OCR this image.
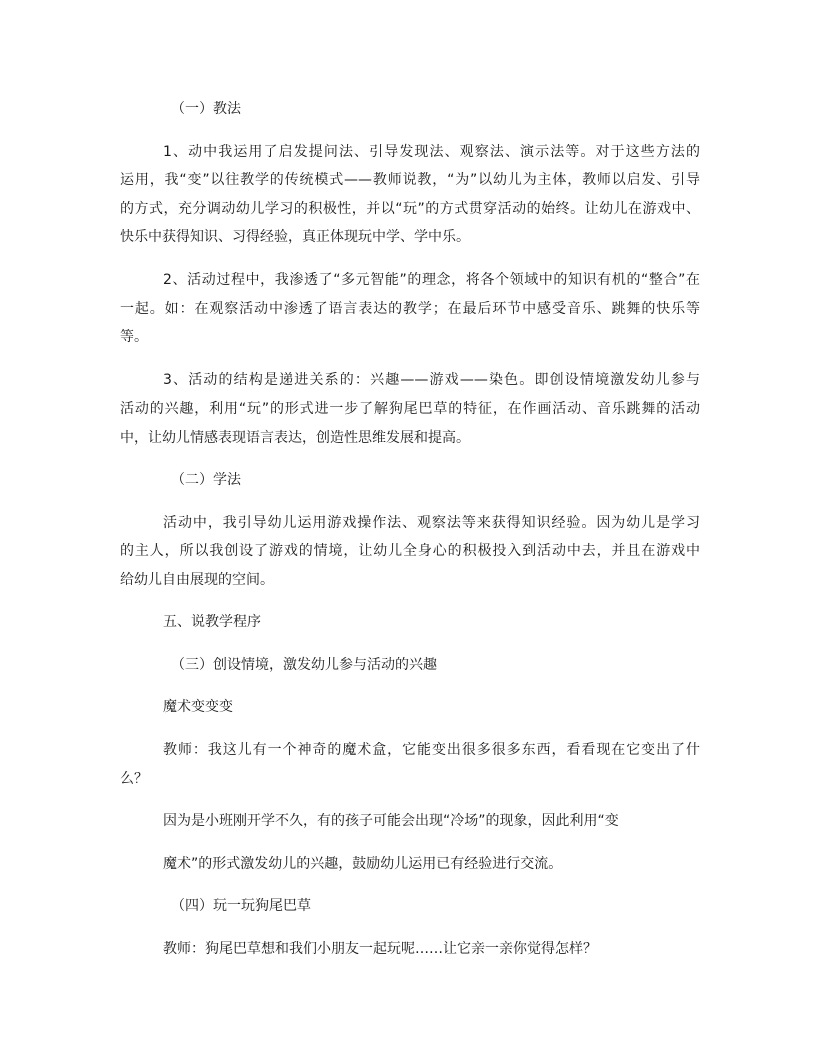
（一）教法
1、动中我运用了启发提问法、引导发现法、观察法、演示法等。对于这些方法的
运用，我“变”以往教学的传统模式——教师说教，“为”以幼儿为主体，教师以启发、引导
的方式，充分调动幼儿学习的积极性，并以“玩”的方式贯穿活动的始终。让幼儿在游戏中、
快乐中获得知识、习得经验，真正体现玩中学、学中乐。
2、活动过程中，我渗透了“多元智能”的理念，将各个领域中的知识有机的“整合”在
一起。如：在观察活动中渗透了语言表达的教学；在最后环节中感受音乐、跳舞的快乐等
等。
3、活动的结构是递进关系的：兴趣——游戏——染色。即创设情境激发幼儿参与
活动的兴趣，利用“玩”的形式进一步了解狗尾巴草的特征，在作画活动、音乐跳舞的活动
中，让幼儿情感表现语言表达，创造性思维发展和提高。
（二）学法
活动中，我引导幼儿运用游戏操作法、观察法等来获得知识经验。因为幼儿是学习
的主人，所以我创设了游戏的情境，让幼儿全身心的积极投入到活动中去，并且在游戏中
给幼儿自由展现的空间。
五、说教学程序
（三）创设情境，激发幼儿参与活动的兴趣
魔术变变变
教师：我这儿有一个神奇的魔术盒，它能变出很多很多东西，看看现在它变出了什
么？
因为是小班刚开学不久，有的孩子可能会出现“冷场”的现象，因此利用“变
魔术”的形式激发幼儿的兴趣，鼓励幼儿运用已有经验进行交流。
（四）玩一玩狗尾巴草
教师：狗尾巴草想和我们小朋友一起玩呢……让它亲一亲你觉得怎样？
